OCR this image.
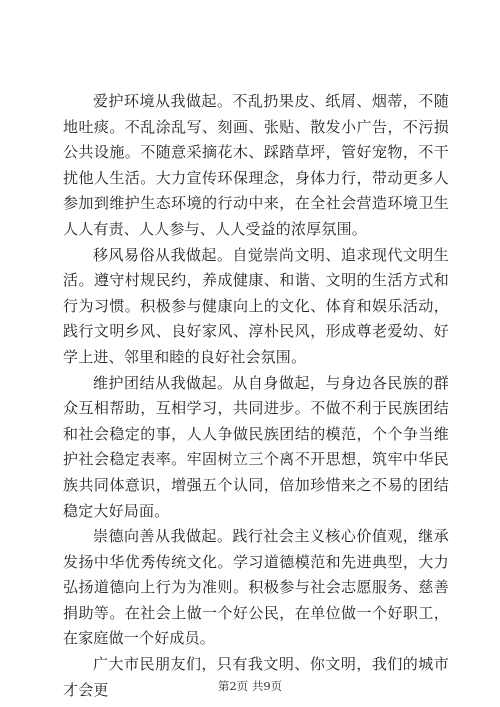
爱护环境从我做起。不乱扔果皮、纸屑、烟蒂，不随地吐痰。不乱涂乱写、刻画、张贴、散发小广告，不污损公共设施。不随意采摘花木、踩踏草坪，管好宠物，不干扰他人生活。大力宣传环保理念，身体力行，带动更多人参加到维护生态环境的行动中来，在全社会营造环境卫生人人有责、人人参与、人人受益的浓厚氛围。

移风易俗从我做起。自觉崇尚文明、追求现代文明生活。遵守村规民约，养成健康、和谐、文明的生活方式和行为习惯。积极参与健康向上的文化、体育和娱乐活动，践行文明乡风、良好家风、淳朴民风，形成尊老爱幼、好学上进、邻里和睦的良好社会氛围。

维护团结从我做起。从自身做起，与身边各民族的群众互相帮助，互相学习，共同进步。不做不利于民族团结和社会稳定的事，人人争做民族团结的模范，个个争当维护社会稳定表率。牢固树立三个离不开思想，筑牢中华民族共同体意识，增强五个认同，倍加珍惜来之不易的团结稳定大好局面。

崇德向善从我做起。践行社会主义核心价值观，继承发扬中华优秀传统文化。学习道德模范和先进典型，大力弘扬道德向上行为为准则。积极参与社会志愿服务、慈善捐助等。在社会上做一个好公民，在单位做一个好职工，在家庭做一个好成员。

广大市民朋友们，只有我文明、你文明，我们的城市才会更	第2页 共9页
